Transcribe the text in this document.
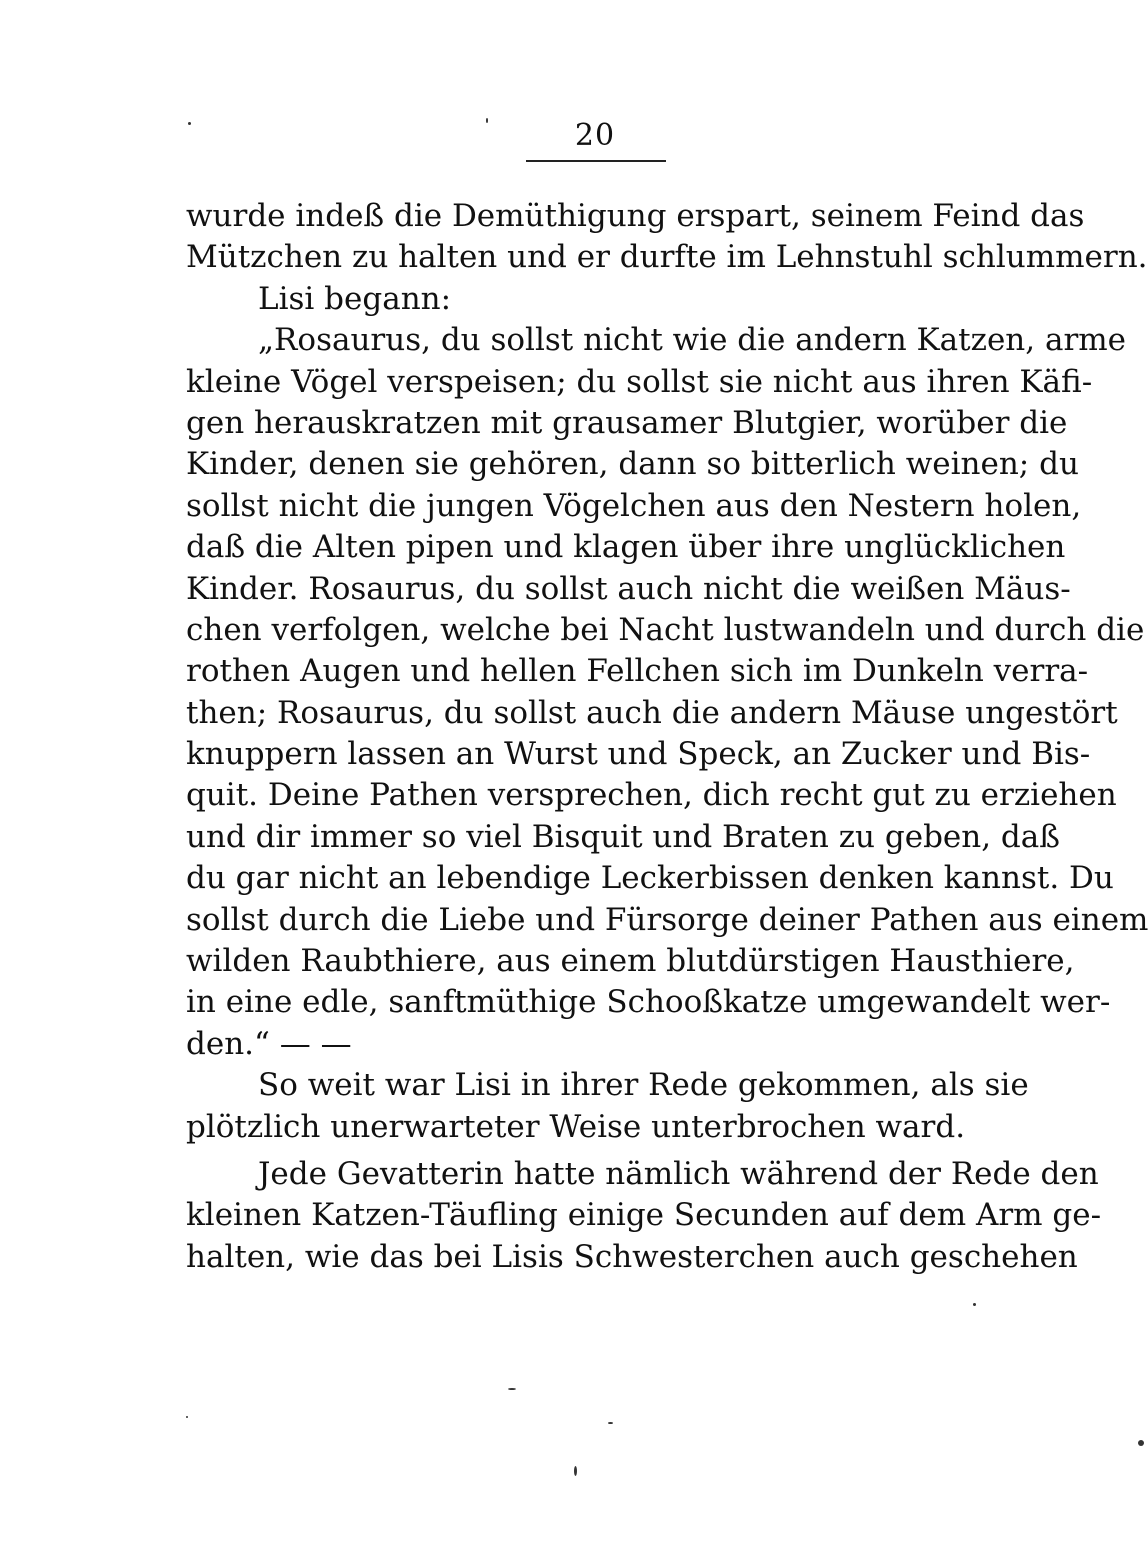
20
wurde indeß die Demüthigung erspart, seinem Feind das
Mützchen zu halten und er durfte im Lehnstuhl schlummern.
Lisi begann:
„Rosaurus, du sollst nicht wie die andern Katzen, arme
kleine Vögel verspeisen; du sollst sie nicht aus ihren Käfi-
gen herauskratzen mit grausamer Blutgier, worüber die
Kinder, denen sie gehören, dann so bitterlich weinen; du
sollst nicht die jungen Vögelchen aus den Nestern holen,
daß die Alten pipen und klagen über ihre unglücklichen
Kinder. Rosaurus, du sollst auch nicht die weißen Mäus-
chen verfolgen, welche bei Nacht lustwandeln und durch die
rothen Augen und hellen Fellchen sich im Dunkeln verra-
then; Rosaurus, du sollst auch die andern Mäuse ungestört
knuppern lassen an Wurst und Speck, an Zucker und Bis-
quit. Deine Pathen versprechen, dich recht gut zu erziehen
und dir immer so viel Bisquit und Braten zu geben, daß
du gar nicht an lebendige Leckerbissen denken kannst. Du
sollst durch die Liebe und Fürsorge deiner Pathen aus einem
wilden Raubthiere, aus einem blutdürstigen Hausthiere,
in eine edle, sanftmüthige Schooßkatze umgewandelt wer-
den.“ — —
So weit war Lisi in ihrer Rede gekommen, als sie
plötzlich unerwarteter Weise unterbrochen ward.
Jede Gevatterin hatte nämlich während der Rede den
kleinen Katzen-Täufling einige Secunden auf dem Arm ge-
halten, wie das bei Lisis Schwesterchen auch geschehen
